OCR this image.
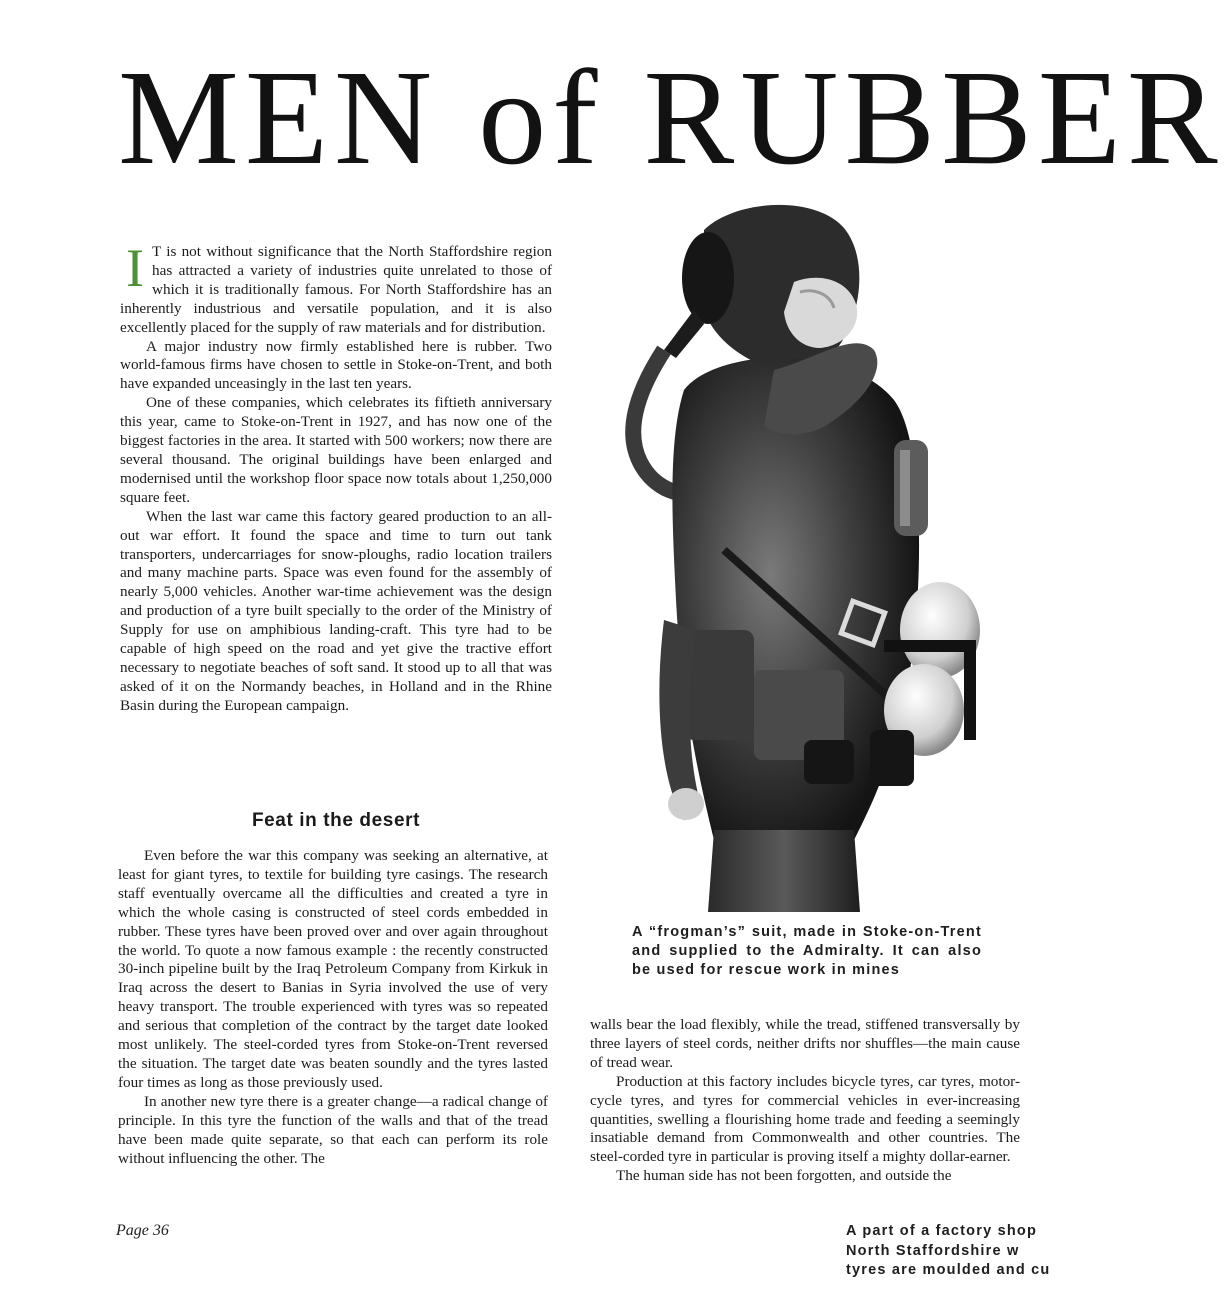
MEN of RUBBER

I T is not without significance that the North Staffordshire region has attracted a variety of industries quite unrelated to those of which it is traditionally famous. For North Staffordshire has an inherently industrious and versatile population, and it is also excellently placed for the supply of raw materials and for distribution.

A major industry now firmly established here is rubber. Two world-famous firms have chosen to settle in Stoke-on-Trent, and both have expanded unceasingly in the last ten years.

One of these companies, which celebrates its fiftieth anniversary this year, came to Stoke-on-Trent in 1927, and has now one of the biggest factories in the area. It started with 500 workers; now there are several thousand. The original buildings have been enlarged and modernised until the workshop floor space now totals about 1,250,000 square feet.

When the last war came this factory geared production to an all-out war effort. It found the space and time to turn out tank transporters, undercarriages for snow-ploughs, radio location trailers and many machine parts. Space was even found for the assembly of nearly 5,000 vehicles. Another war-time achievement was the design and production of a tyre built specially to the order of the Ministry of Supply for use on amphibious landing-craft. This tyre had to be capable of high speed on the road and yet give the tractive effort necessary to negotiate beaches of soft sand. It stood up to all that was asked of it on the Normandy beaches, in Holland and in the Rhine Basin during the European campaign.

Feat in the desert

Even before the war this company was seeking an alternative, at least for giant tyres, to textile for building tyre casings. The research staff eventually overcame all the difficulties and created a tyre in which the whole casing is constructed of steel cords embedded in rubber. These tyres have been proved over and over again throughout the world. To quote a now famous example : the recently constructed 30-inch pipeline built by the Iraq Petroleum Company from Kirkuk in Iraq across the desert to Banias in Syria involved the use of very heavy transport. The trouble experienced with tyres was so repeated and serious that completion of the contract by the target date looked most unlikely. The steel-corded tyres from Stoke-on-Trent reversed the situation. The target date was beaten soundly and the tyres lasted four times as long as those previously used.

In another new tyre there is a greater change—a radical change of principle. In this tyre the function of the walls and that of the tread have been made quite separate, so that each can perform its role without influencing the other. The

A “frogman’s” suit, made in Stoke-on-Trent and supplied to the Admiralty. It can also be used for rescue work in mines

walls bear the load flexibly, while the tread, stiffened transversally by three layers of steel cords, neither drifts nor shuffles—the main cause of tread wear.

Production at this factory includes bicycle tyres, car tyres, motor-cycle tyres, and tyres for commercial vehicles in ever-increasing quantities, swelling a flourishing home trade and feeding a seemingly insatiable demand from Commonwealth and other countries. The steel-corded tyre in particular is proving itself a mighty dollar-earner.

The human side has not been forgotten, and outside the

Page 36	A part of a factory shop
North Staffordshire w
tyres are moulded and cu
